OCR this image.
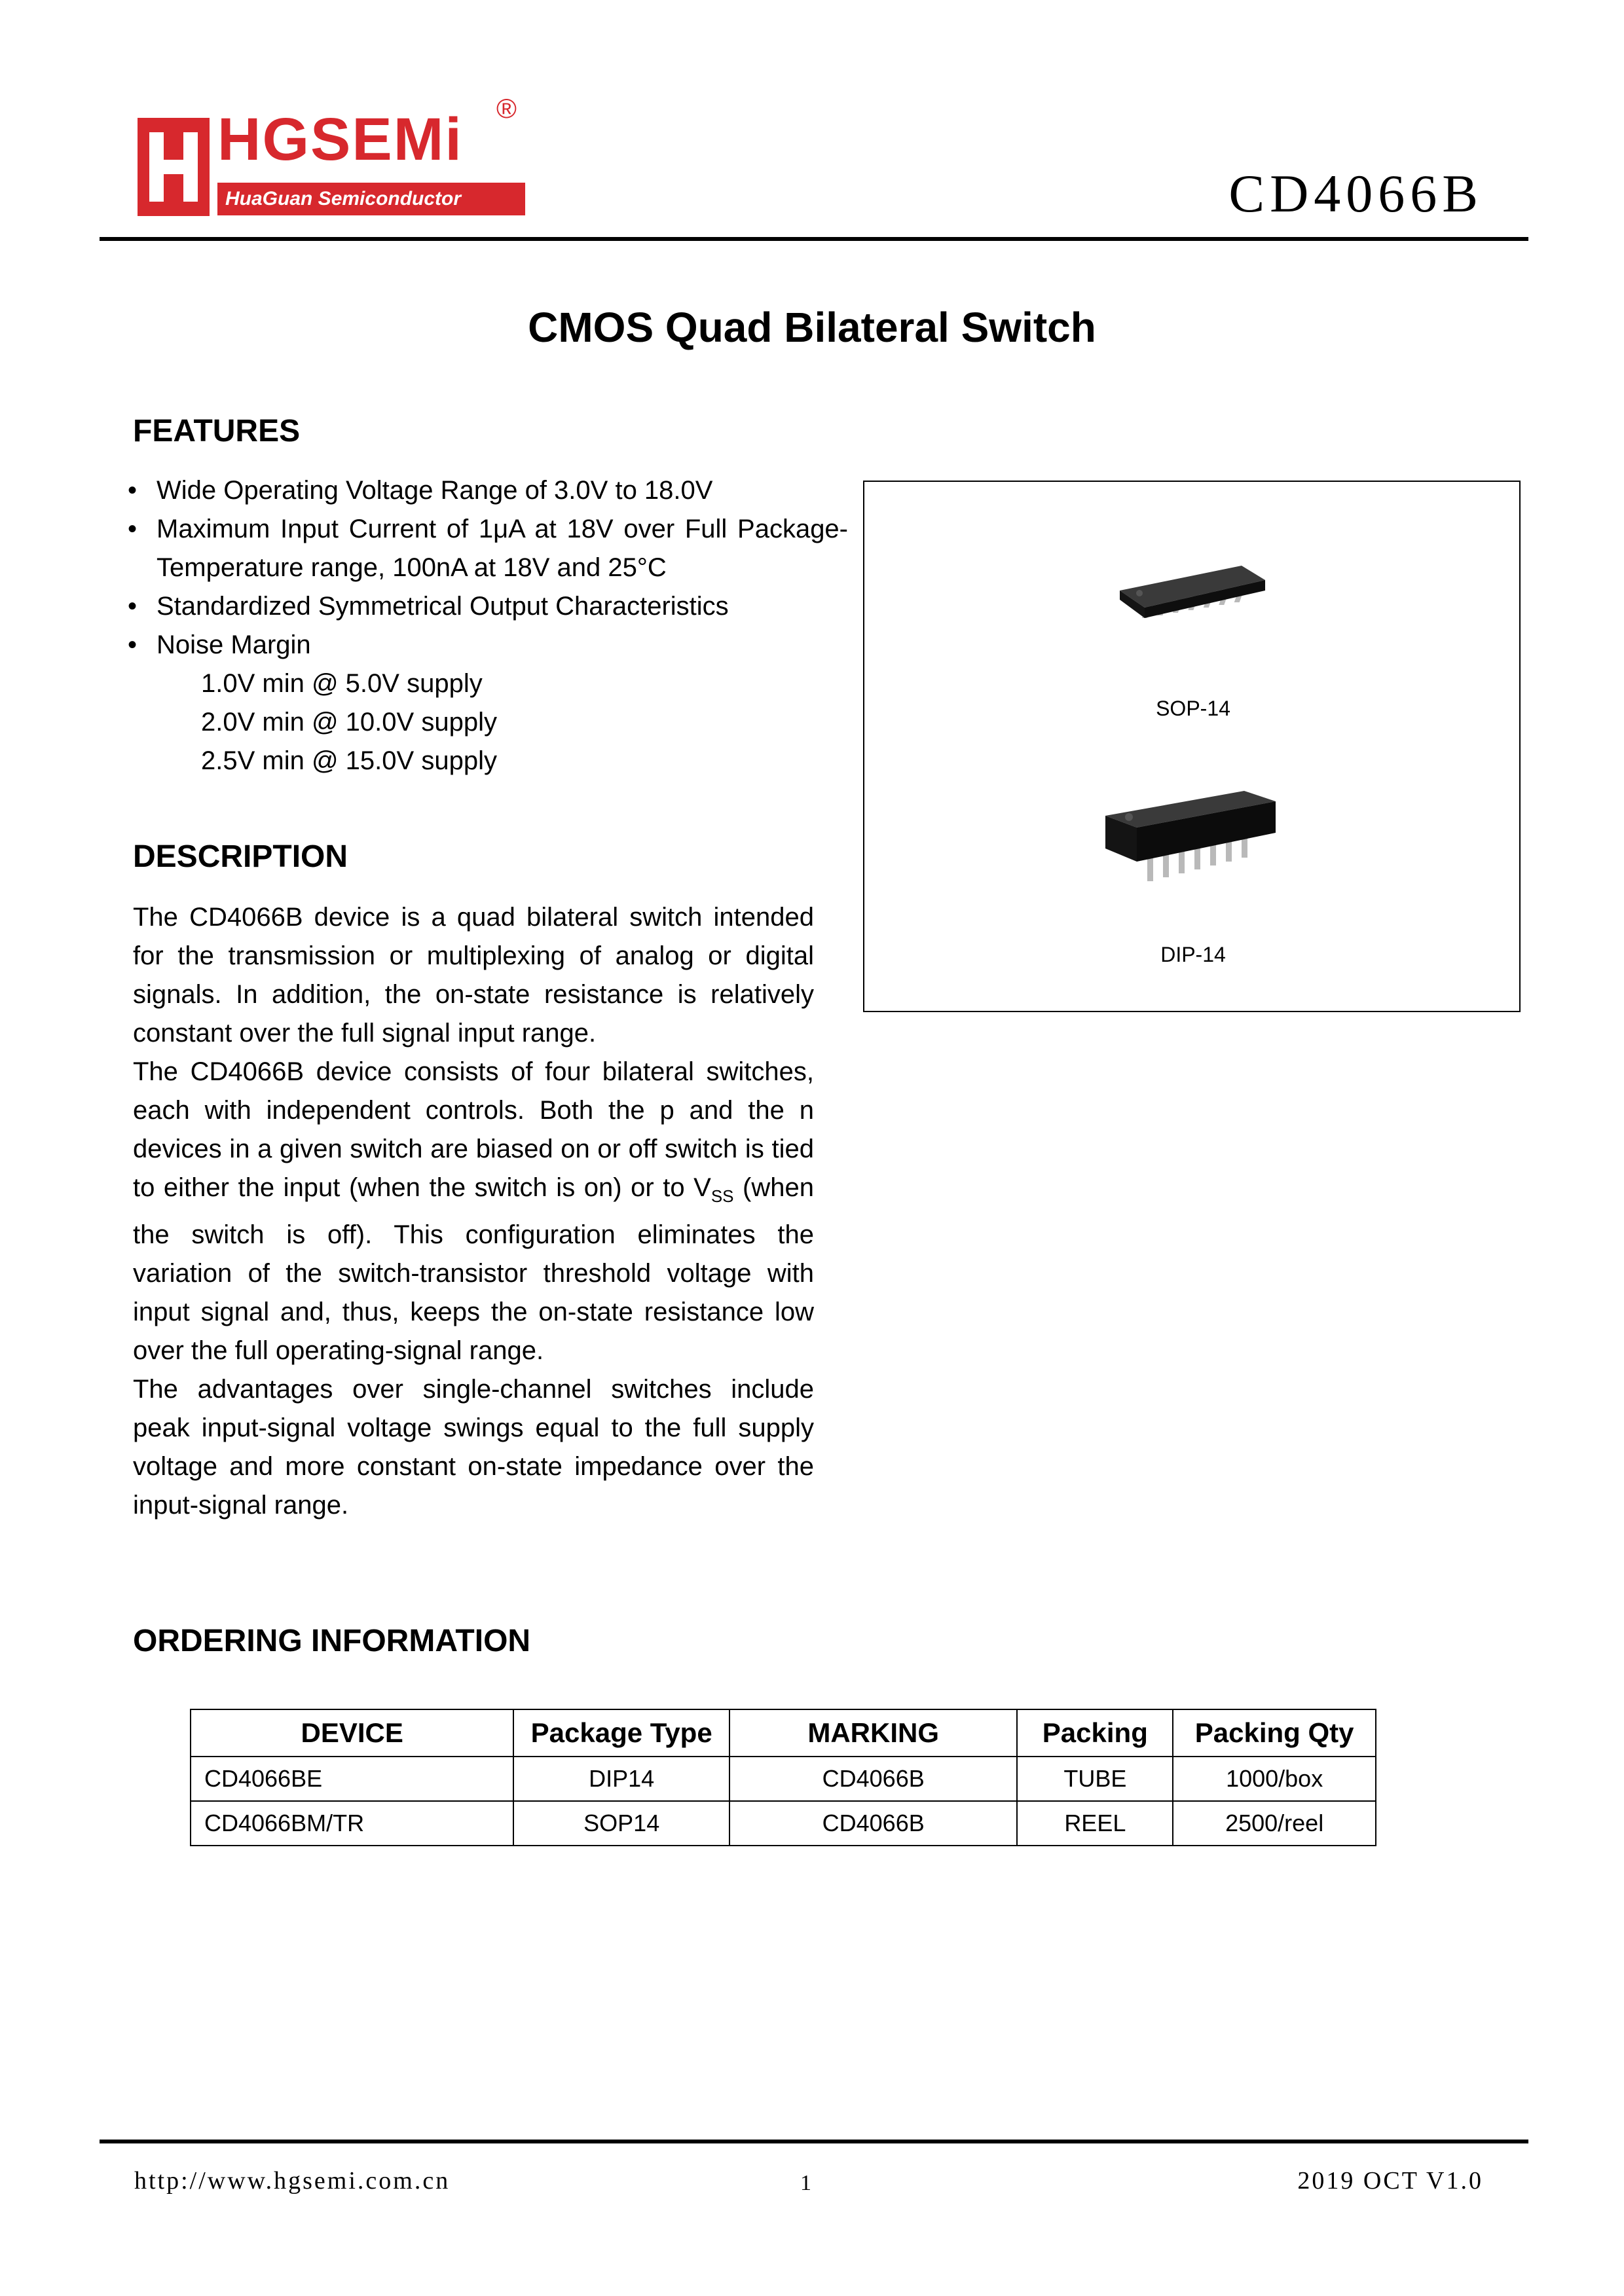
HGSEMi ®
HuaGuan Semiconductor	CD4066B
CMOS Quad Bilateral Switch
FEATURES
• Wide Operating Voltage Range of 3.0V to 18.0V
• Maximum Input Current of 1μA at 18V over Full Package-Temperature range, 100nA at 18V and 25°C
• Standardized Symmetrical Output Characteristics
• Noise Margin
1.0V min @ 5.0V supply
2.0V min @ 10.0V supply
2.5V min @ 15.0V supply
SOP-14
DIP-14
DESCRIPTION

The CD4066B device is a quad bilateral switch intended for the transmission or multiplexing of analog or digital signals. In addition, the on-state resistance is relatively constant over the full signal input range.

The CD4066B device consists of four bilateral switches, each with independent controls. Both the p and the n devices in a given switch are biased on or off switch is tied to either the input (when the switch is on) or to $V_{SS}$ (when the switch is off). This configuration eliminates the variation of the switch-transistor threshold voltage with input signal and, thus, keeps the on-state resistance low over the full operating-signal range.

The advantages over single-channel switches include peak input-signal voltage swings equal to the full supply voltage and more constant on-state impedance over the input-signal range.

ORDERING INFORMATION
DEVICE	Package Type	MARKING	Packing	Packing Qty
CD4066BE	DIP14	CD4066B	TUBE	1000/box
CD4066BM/TR	SOP14	CD4066B	REEL	2500/reel
http://www.hgsemi.com.cn	1	2019 OCT V1.0
